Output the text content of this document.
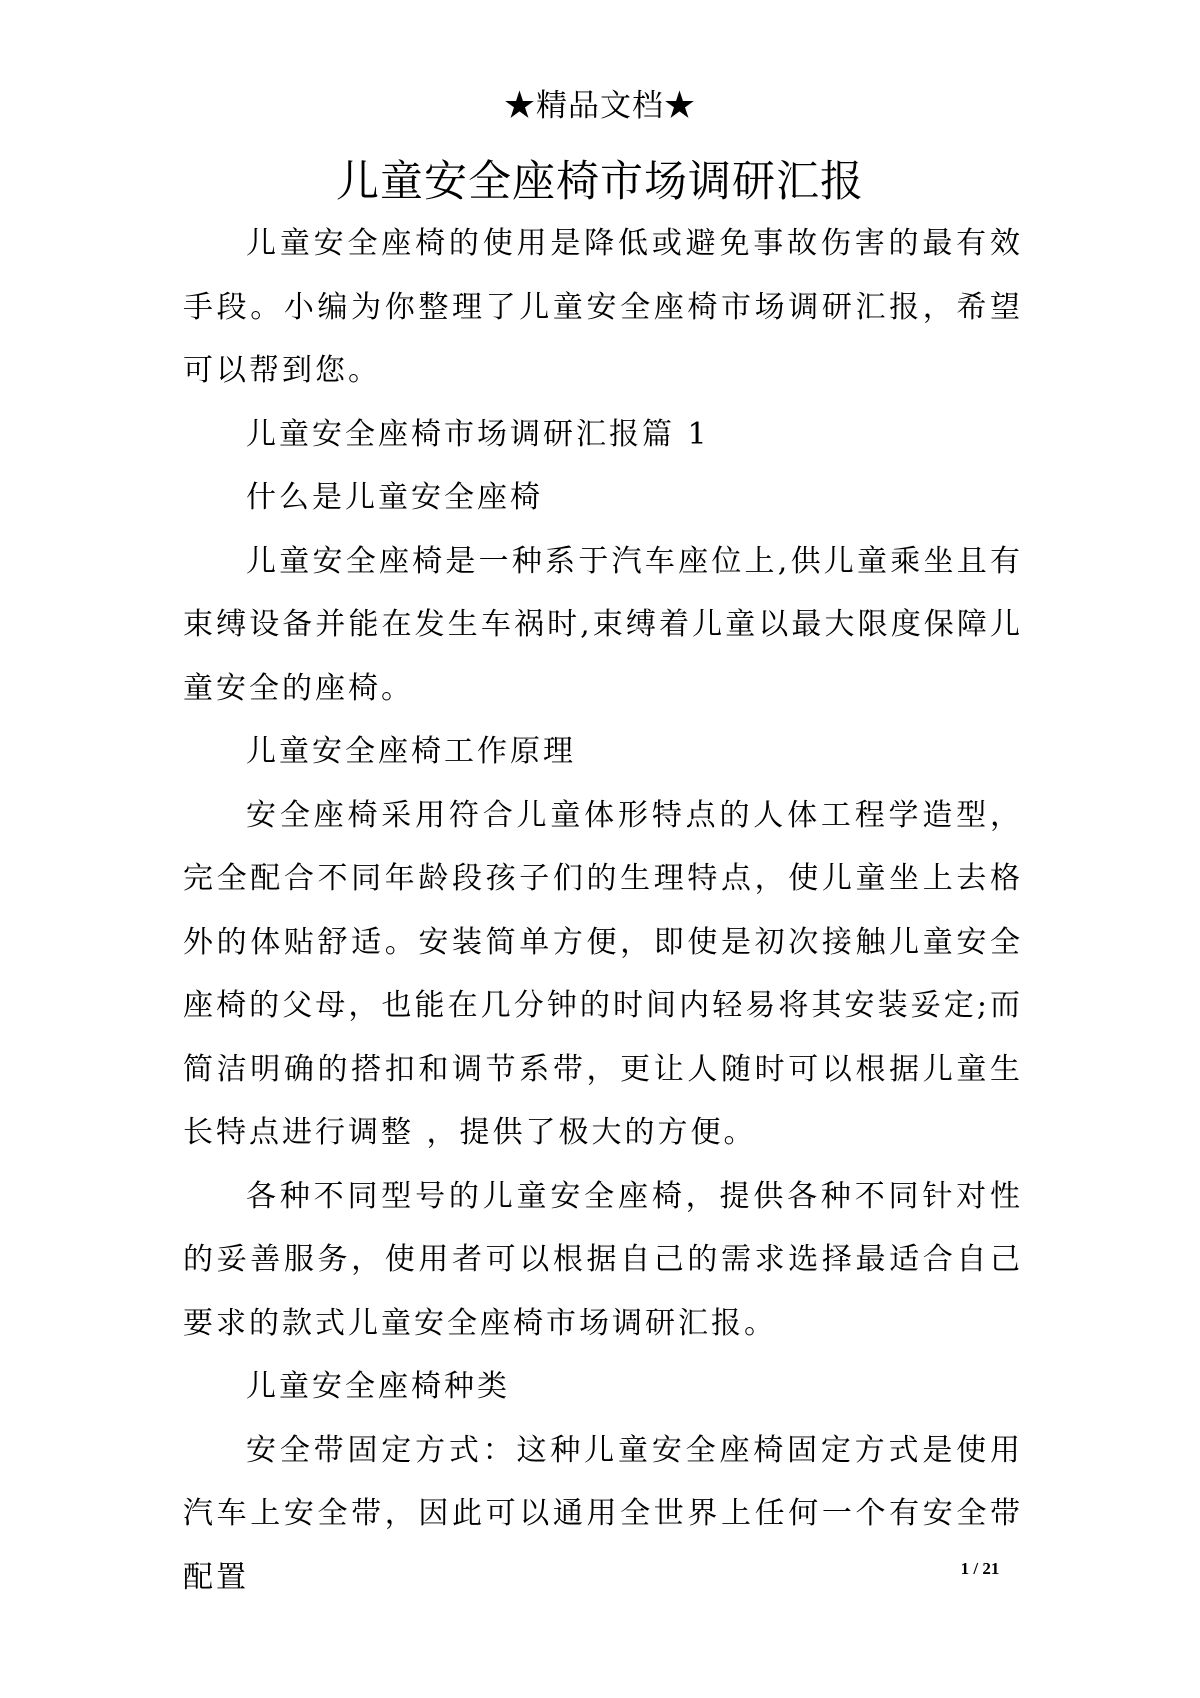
★精品文档★
儿童安全座椅市场调研汇报

儿童安全座椅的使用是降低或避免事故伤害的最有效手段。小编为你整理了儿童安全座椅市场调研汇报，希望可以帮到您。

儿童安全座椅市场调研汇报篇 1

什么是儿童安全座椅

儿童安全座椅是一种系于汽车座位上,供儿童乘坐且有束缚设备并能在发生车祸时,束缚着儿童以最大限度保障儿童安全的座椅。

儿童安全座椅工作原理

安全座椅采用符合儿童体形特点的人体工程学造型，完全配合不同年龄段孩子们的生理特点，使儿童坐上去格外的体贴舒适。安装简单方便，即使是初次接触儿童安全 座椅的父母，也能在几分钟的时间内轻易将其安装妥定;而简洁明确的搭扣和调节系带，更让人随时可以根据儿童生长特点进行调整 ，提供了极大的方便。

各种不同型号的儿童安全座椅，提供各种不同针对性的妥善服务，使用者可以根据自己的需求选择最适合自己要求的款式儿童安全座椅市场调研汇报。

儿童安全座椅种类

安全带固定方式：这种儿童安全座椅固定方式是使用汽车上安全带，因此可以通用全世界上任何一个有安全带配置	1 / 21
